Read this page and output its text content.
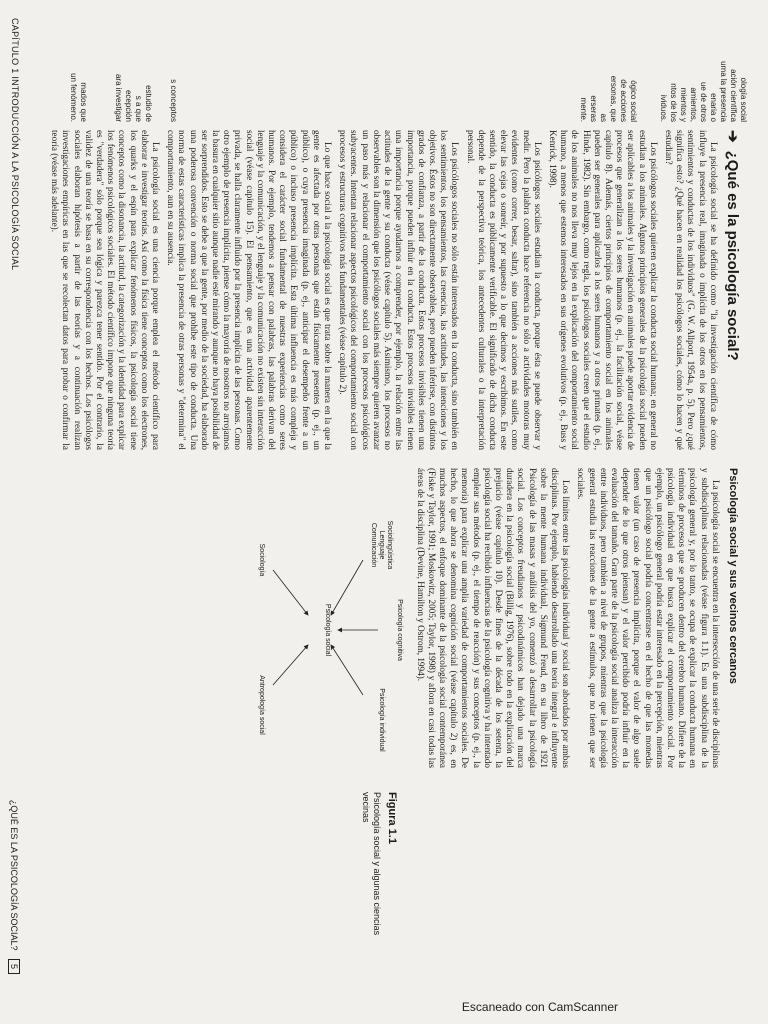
ología social
ación científica
uma la presencia
enaria o
ue de otros
amientos,
mientos y
ntos de los
ividuos.
ógico social
de acciones
ersonas, que
as
erseras
mente.
s conceptos
estudio de
s a que
ecepción
ara investigar
mados que
un fenómeno.
CAPÍTULO 1 INTRODUCCIÓN A LA PSICOLOGÍA SOCIAL
¿QUÉ ES LA PSICOLOGÍA SOCIAL? 5
➔
¿Qué es la psicología social?

La psicología social se ha definido como "la investigación científica de cómo influye la presencia real, imaginada o implícita de los otros en los pensamientos, sentimientos y conductas de los individuos" (G. W. Allport, 1954a, p. 5). Pero ¿qué significa esto? ¿Qué hacen en realidad los psicólogos sociales, cómo lo hacen y qué estudian?

Los psicólogos sociales quieren explicar la conducta social humana; en general no estudian a los animales. Algunos principios generales de la psicología social pueden ser aplicables a los animales y la investigación en animales puede aportar evidencia de procesos que generalizan a los seres humanos (p. ej., la facilitación social, véase capítulo 8). Además, ciertos principios de comportamiento social en los animales pueden ser generales para aplicarlos a los seres humanos y a otros primates (p. ej., Hinde, 1982). Sin embargo, como regla, los psicólogos sociales creen que el estudio de los animales no nos lleva muy lejos en la explicación del comportamiento social humano, a menos que estemos interesados en sus orígenes evolutivos (p. ej., Buss y Kenrick, 1998).

Los psicólogos sociales estudian la conducta, porque ésta se puede observar y medir. Pero la palabra conducta hace referencia no sólo a actividades motoras muy evidentes (como correr, besar, saltar), sino también a acciones más sutiles, como elevar las cejas o sonreír, y por supuesto a lo que decimos y escribimos. En este sentido, la conducta es públicamente verificable. El significado de dicha conducta depende de la perspectiva teórica, los antecedentes culturales o la interpretación personal.

Los psicólogos sociales no sólo están interesados en la conducta, sino también en los sentimientos, los pensamientos, las creencias, las actitudes, las intenciones y los objetivos. Éstos no son directamente observables, pero pueden inferirse, con distintos grados de confianza, a partir de la conducta. Estos procesos invisibles tienen una importancia, porque pueden influir en la conducta. Estos procesos invisibles tienen una importancia porque ayudarnos a comprender, por ejemplo, la relación entre las actitudes de la gente y su conducta (véase capítulo 5). Asimismo, los procesos no observables son la dimensión que los psicólogos sociales más siempre quieren avanzar un paso más y relacionar el comportamiento social con los procesos psicológicos subyacentes. Intentan relacionar aspectos psicológicos del comportamiento social con procesos y estructuras cognitivos más fundamentales (véase capítulo 2).

Lo que hace social a la psicología social es que trata sobre la manera en la que la gente es afectada por otras personas que están físicamente presentes (p. ej., un público), o cuya presencia imaginada (p. ej., anticipar el desempeño frente a un público) o incluso presencia implícita. Esta última influencia es más compleja y considera el carácter social fundamental de nuestras experiencias como seres humanos. Por ejemplo, tendemos a pensar con palabras, las palabras derivan del lenguaje y la comunicación, y el lenguaje y la comunicación no existen sin interacción social (véase capítulo 15). El pensamiento, que es una actividad aparentemente privada, se halla claramente influido por la presencia implícita de las personas. Como otro ejemplo de presencia implícita, piense cómo la mayoría de nosotros no arrojamos la basura en cualquier sitio aunque nadie esté mirando y aunque no haya posibilidad de ser sorprendidos. Esto se debe a que la gente, por medio de la sociedad, ha elaborado una poderosa convención o norma social que prohíbe este tipo de conducta. Una norma de estas características implica la presencia de otras personas y "determina" el comportamiento, aun en su ausencia.

La psicología social es una ciencia porque emplea el método científico para elaborar e investigar teorías. Así como la física tiene conceptos como los electrones, los quarks y el espín para explicar fenómenos físicos, la psicología social tiene conceptos como la disonancia, la actitud, la categorización y la identidad para explicar los fenómenos psicológicos sociales. El método científico impone que ninguna teoría es "verdadera" sólo porque sea lógica y parezca tener sentido. Por el contrario, la validez de una teoría se basa en su correspondencia con los hechos. Los psicólogos sociales elaboran hipótesis a partir de las teorías y a continuación realizan investigaciones empíricas en las que se recolectan datos para probar o confirmar la teoría (véase más adelante).

Psicología social y sus vecinos cercanos

La psicología social se encuentra en la intersección de una serie de disciplinas y subdisciplinas relacionadas (véase figura 1.1). Es una subdisciplina de la psicología general y, por lo tanto, se ocupa de explicar la conducta humana en términos de procesos que se producen dentro del cerebro humano. Difiere de la psicología individual en que busca explicar el comportamiento social. Por ejemplo, un psicólogo general podría estar interesado en la percepción, mientras que un psicólogo social podría concentrarse en el hecho de que las monedas tienen valor (un caso de presencia implícita, porque el valor de algo suele depender de lo que otros piensan) y el valor percibido podría influir en la evaluación del tamaño. Gran parte de la psicología social analiza la interacción entre individuos, pero también a nivel de grupos, mientras que la psicología general estudia las reacciones de la gente a estímulos, que no tienen que ser sociales.

Los límites entre las psicologías individual y social son abordados por ambas disciplinas. Por ejemplo, habiendo desarrollado una teoría integral e influyente sobre la mente humana individual, Sigmund Freud, en su libro de 1921 Psicología de las masas y análisis del yo, comenzó a desarrollar la psicología social. Los conceptos freudianos y psicodinámicos han dejado una marca duradera en la psicología social (Billig, 1976), sobre todo en la explicación del prejuicio (véase capítulo 10). Desde fines de la década de los setenta, la psicología social ha recibido influencias de la psicología cognitiva y ha intentado emplear sus métodos (p. ej., el tiempo de reacción) y sus conceptos (p. ej., la memoria) para explicar una amplia variedad de comportamientos sociales. De hecho, lo que ahora se denomina cognición social (véase capítulo 2) es, en muchos aspectos, el enfoque dominante de la psicología social contemporánea (Fiske y Taylor, 1991; Moskowitz, 2005; Taylor, 1998) y aflora en casi todas las áreas de la disciplina (Devine, Hamilton y Ostrom, 1994).

Psicología social	Psicología cognitiva
Psicología individual
Antropología social
Sociología	Sociolingüística Lenguaje Comunicación
Figura 1.1
Psicología social y algunas ciencias vecinas
Escaneado con CamScanner
